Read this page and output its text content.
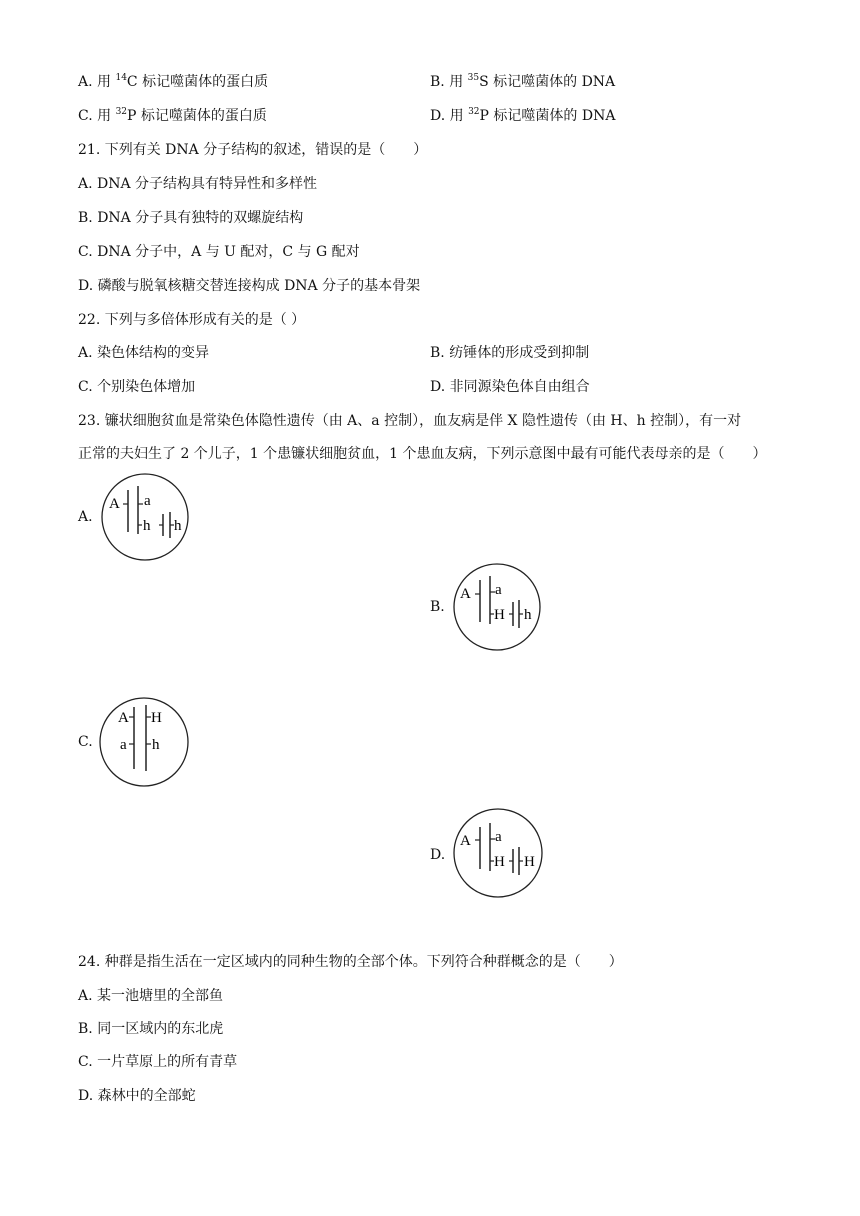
A. 用 $^{14}$C 标记噬菌体的蛋白质	B. 用 $^{35}$S 标记噬菌体的 DNA
C. 用 $^{32}$P 标记噬菌体的蛋白质	D. 用 $^{32}$P 标记噬菌体的 DNA
21. 下列有关 DNA 分子结构的叙述，错误的是（　　）
A. DNA 分子结构具有特异性和多样性
B. DNA 分子具有独特的双螺旋结构
C. DNA 分子中，A 与 U 配对，C 与 G 配对
D. 磷酸与脱氧核糖交替连接构成 DNA 分子的基本骨架
22. 下列与多倍体形成有关的是（ ）
A. 染色体结构的变异	B. 纺锤体的形成受到抑制
C. 个别染色体增加	D. 非同源染色体自由组合
23. 镰状细胞贫血是常染色体隐性遗传（由 A、a 控制），血友病是伴 X 隐性遗传（由 H、h 控制），有一对
正常的夫妇生了 2 个儿子，1 个患镰状细胞贫血，1 个患血友病，下列示意图中最有可能代表母亲的是（　　）
A.
A a
h h
B.
A a
H h
C.
A H
a h
D.
A a
H H
24. 种群是指生活在一定区域内的同种生物的全部个体。下列符合种群概念的是（　　）
A. 某一池塘里的全部鱼
B. 同一区域内的东北虎
C. 一片草原上的所有青草
D. 森林中的全部蛇
